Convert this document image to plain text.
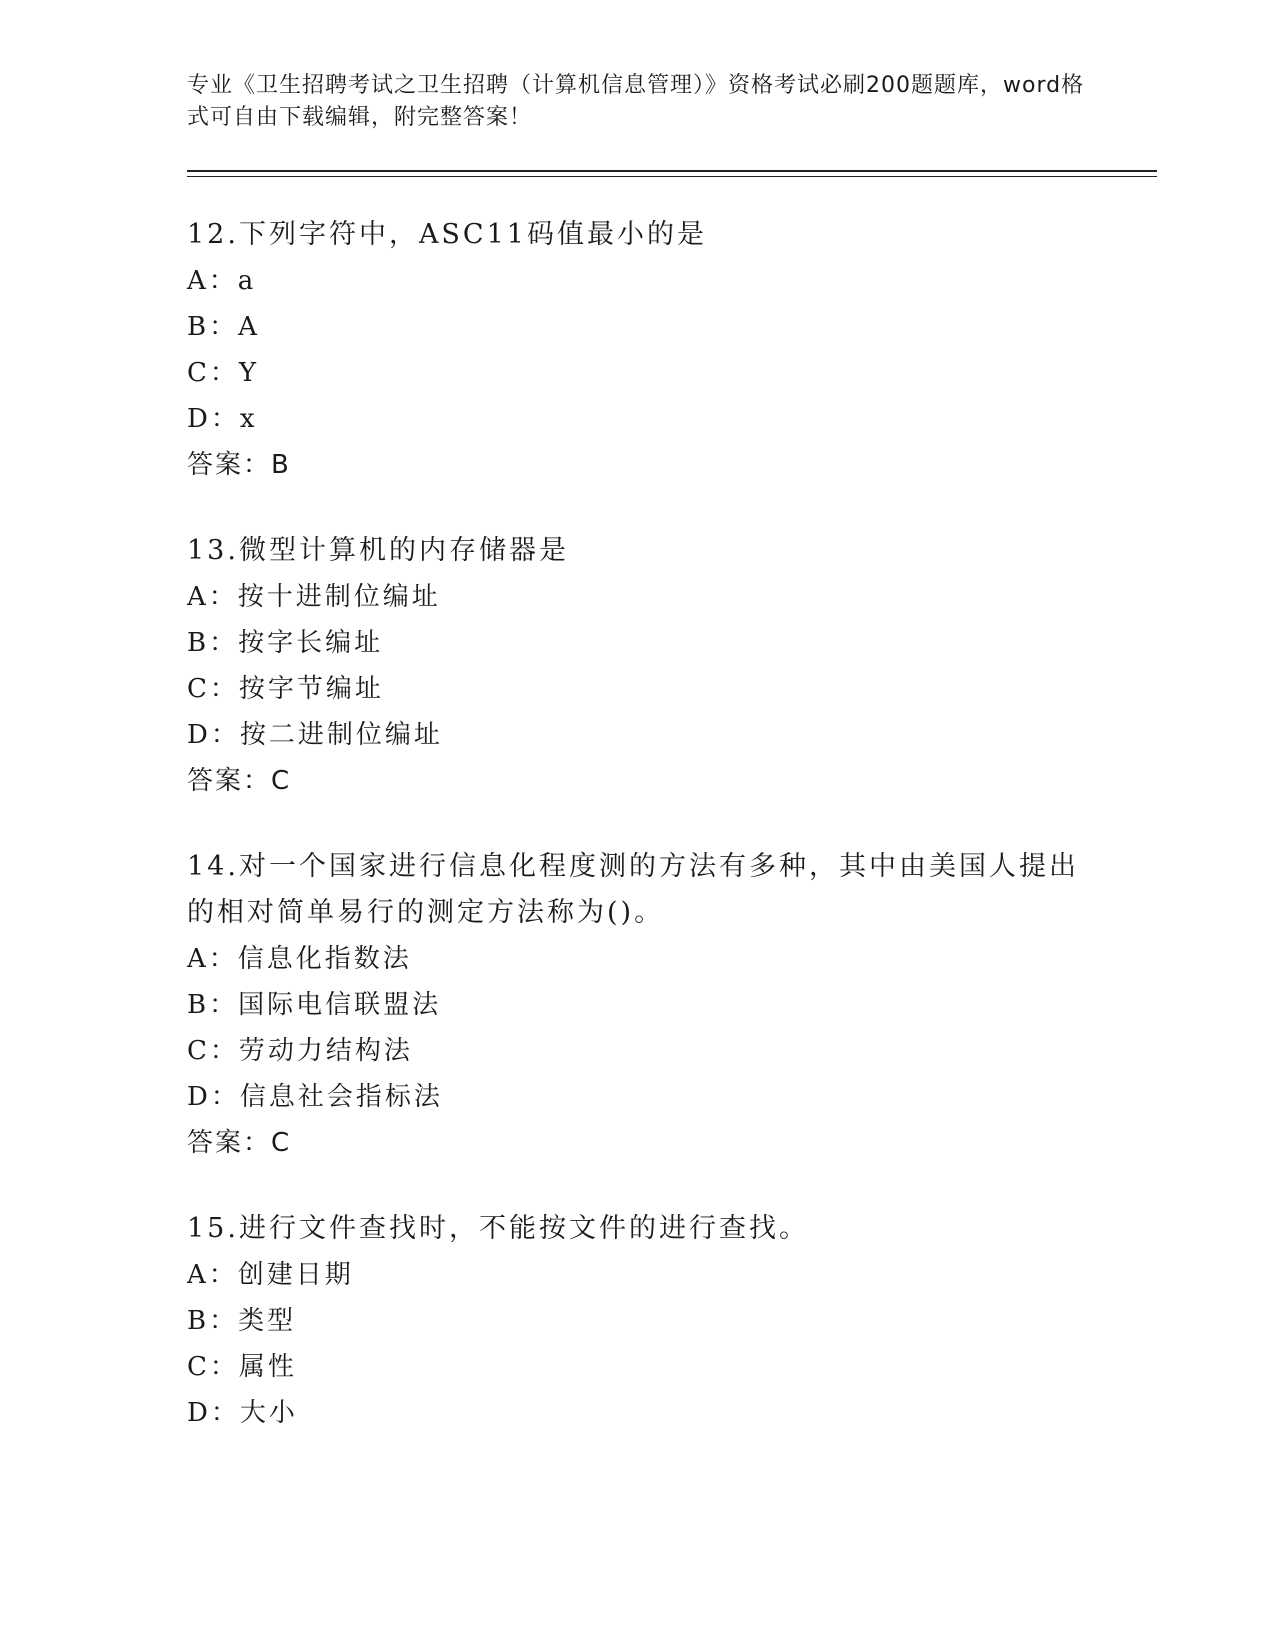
专业《卫生招聘考试之卫生招聘（计算机信息管理）》资格考试必刷200题题库，word格式可自由下载编辑，附完整答案！

12.下列字符中，ASC11码值最小的是

A：a

B：A

C：Y

D：x

答案：B

13.微型计算机的内存储器是

A：按十进制位编址

B：按字长编址

C：按字节编址

D：按二进制位编址

答案：C

14.对一个国家进行信息化程度测的方法有多种，其中由美国人提出的相对简单易行的测定方法称为()。

A：信息化指数法

B：国际电信联盟法

C：劳动力结构法

D：信息社会指标法

答案：C

15.进行文件查找时，不能按文件的进行查找。

A：创建日期

B：类型

C：属性

D：大小
